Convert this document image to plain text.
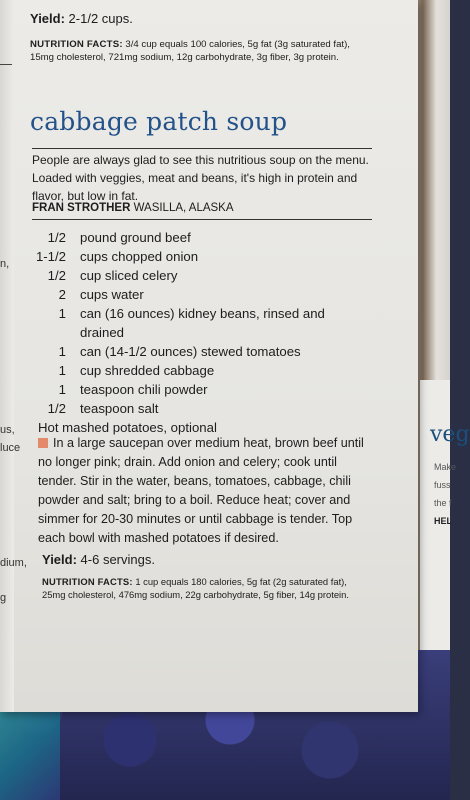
veg
Make
fuss
the f
HEL
n,
us,
luce
dium,
g
Yield: 2-1/2 cups.
NUTRITION FACTS: 3/4 cup equals 100 calories, 5g fat (3g saturated fat), 15mg cholesterol, 721mg sodium, 12g carbohydrate, 3g fiber, 3g protein.
cabbage patch soup
People are always glad to see this nutritious soup on the menu. Loaded with veggies, meat and beans, it's high in protein and flavor, but low in fat.
FRAN STROTHER WASILLA, ALASKA
1/2	pound ground beef
1-1/2	cups chopped onion
1/2	cup sliced celery
2	cups water
1	can (16 ounces) kidney beans, rinsed and drained
1	can (14-1/2 ounces) stewed tomatoes
1	cup shredded cabbage
1	teaspoon chili powder
1/2	teaspoon salt
Hot mashed potatoes, optional
In a large saucepan over medium heat, brown beef until no longer pink; drain. Add onion and celery; cook until tender. Stir in the water, beans, tomatoes, cabbage, chili powder and salt; bring to a boil. Reduce heat; cover and simmer for 20-30 minutes or until cabbage is tender. Top each bowl with mashed potatoes if desired.
Yield: 4-6 servings.
NUTRITION FACTS: 1 cup equals 180 calories, 5g fat (2g saturated fat), 25mg cholesterol, 476mg sodium, 22g carbohydrate, 5g fiber, 14g protein.
